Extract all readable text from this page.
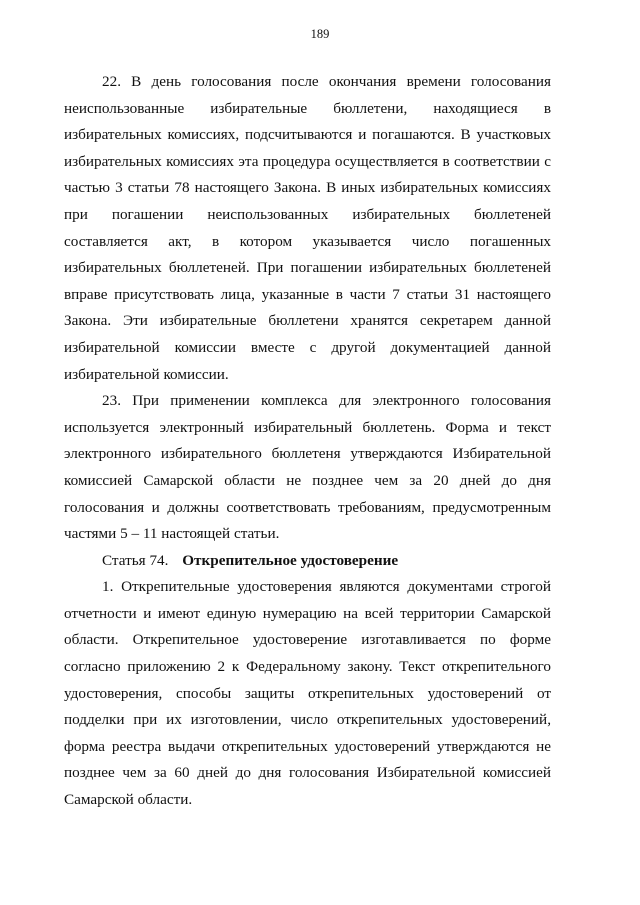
189

22. В день голосования после окончания времени голосования неиспользованные избирательные бюллетени, находящиеся в избирательных комиссиях, подсчитываются и погашаются. В участковых избирательных комиссиях эта процедура осуществляется в соответствии с частью 3 статьи 78 настоящего Закона. В иных избирательных комиссиях при погашении неиспользованных избирательных бюллетеней составляется акт, в котором указывается число погашенных избирательных бюллетеней. При погашении избирательных бюллетеней вправе присутствовать лица, указанные в части 7 статьи 31 настоящего Закона. Эти избирательные бюллетени хранятся секретарем данной избирательной комиссии вместе с другой документацией данной избирательной комиссии.

23. При применении комплекса для электронного голосования используется электронный избирательный бюллетень. Форма и текст электронного избирательного бюллетеня утверждаются Избирательной комиссией Самарской области не позднее чем за 20 дней до дня голосования и должны соответствовать требованиям, предусмотренным частями 5 – 11 настоящей статьи.

Статья 74. Открепительное удостоверение

1. Открепительные удостоверения являются документами строгой отчетности и имеют единую нумерацию на всей территории Самарской области. Открепительное удостоверение изготавливается по форме согласно приложению 2 к Федеральному закону. Текст открепительного удостоверения, способы защиты открепительных удостоверений от подделки при их изготовлении, число открепительных удостоверений, форма реестра выдачи открепительных удостоверений утверждаются не позднее чем за 60 дней до дня голосования Избирательной комиссией Самарской области.
